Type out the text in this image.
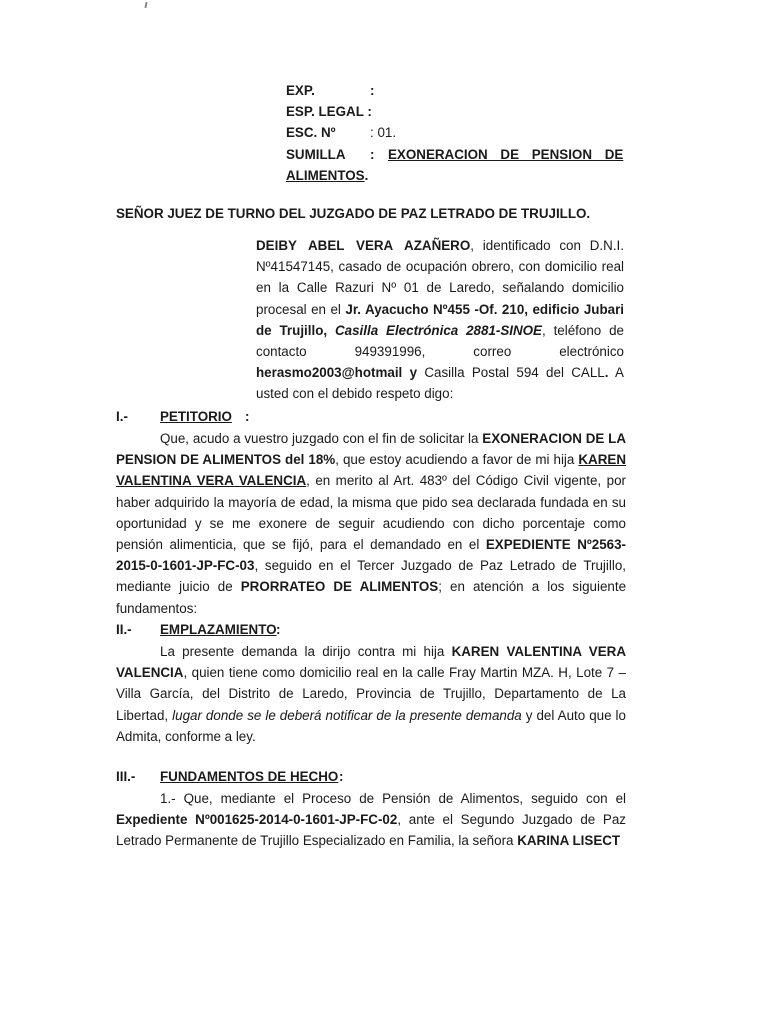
EXP.	:
ESP. LEGAL :
ESC. Nº	: 01.
SUMILLA : EXONERACION DE PENSION DE
ALIMENTOS.
SEÑOR JUEZ DE TURNO DEL JUZGADO DE PAZ LETRADO DE TRUJILLO.

DEIBY ABEL VERA AZAÑERO, identificado con D.N.I. Nº41547145, casado de ocupación obrero, con domicilio real en la Calle Razuri Nº 01 de Laredo, señalando domicilio procesal en el Jr. Ayacucho Nº455 -Of. 210, edificio Jubari de Trujillo, Casilla Electrónica 2881-SINOE, teléfono de contacto 949391996, correo electrónico herasmo2003@hotmail y Casilla Postal 594 del CALL. A usted con el debido respeto digo:

I.- PETITORIO :

Que, acudo a vuestro juzgado con el fin de solicitar la EXONERACION DE LA PENSION DE ALIMENTOS del 18%, que estoy acudiendo a favor de mi hija KAREN VALENTINA VERA VALENCIA, en merito al Art. 483º del Código Civil vigente, por haber adquirido la mayoría de edad, la misma que pido sea declarada fundada en su oportunidad y se me exonere de seguir acudiendo con dicho porcentaje como pensión alimenticia, que se fijó, para el demandado en el EXPEDIENTE Nº2563-2015-0-1601-JP-FC-03, seguido en el Tercer Juzgado de Paz Letrado de Trujillo, mediante juicio de PRORRATEO DE ALIMENTOS; en atención a los siguiente fundamentos:

II.- EMPLAZAMIENTO :

La presente demanda la dirijo contra mi hija KAREN VALENTINA VERA VALENCIA, quien tiene como domicilio real en la calle Fray Martin MZA. H, Lote 7 – Villa García, del Distrito de Laredo, Provincia de Trujillo, Departamento de La Libertad, lugar donde se le deberá notificar de la presente demanda y del Auto que lo Admita, conforme a ley.

III.- FUNDAMENTOS DE HECHO :

1.- Que, mediante el Proceso de Pensión de Alimentos, seguido con el Expediente Nº001625-2014-0-1601-JP-FC-02, ante el Segundo Juzgado de Paz Letrado Permanente de Trujillo Especializado en Familia, la señora KARINA LISECT
